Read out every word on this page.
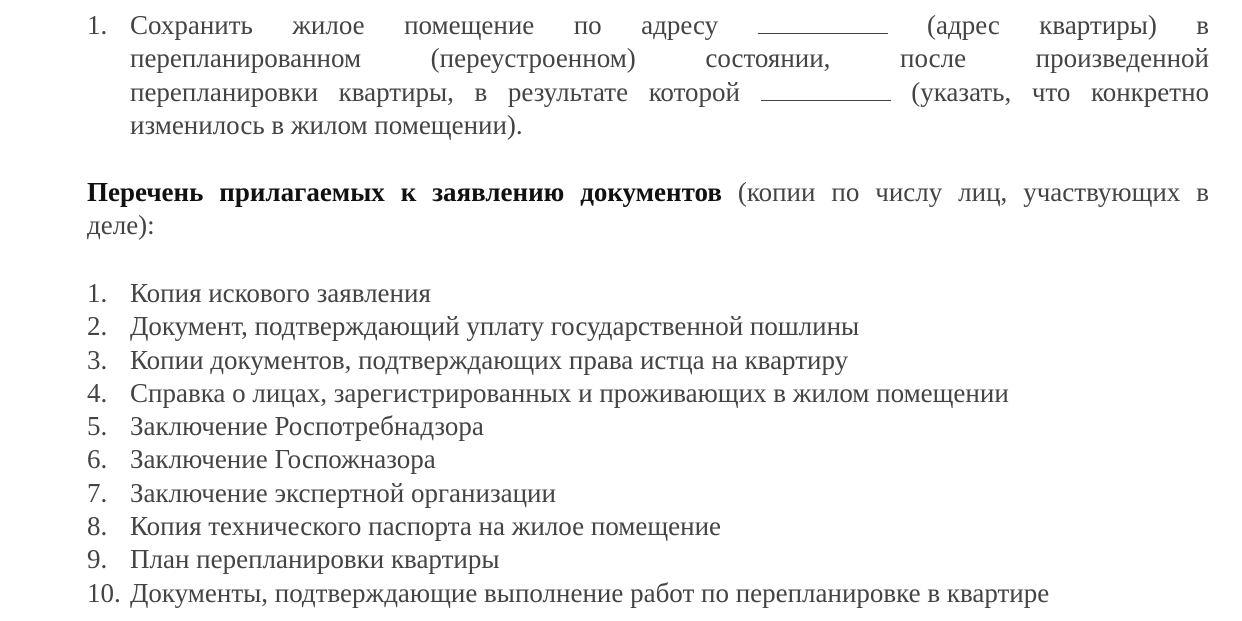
1. Сохранить жилое помещение по адресу	(адрес квартиры) в
перепланированном (переустроенном) состоянии, после произведенной
перепланировки квартиры, в результате которой	(указать, что конкретно
изменилось в жилом помещении).
Перечень прилагаемых к заявлению документов (копии по числу лиц, участвующих в
деле):
1. Копия искового заявления
2. Документ, подтверждающий уплату государственной пошлины
3. Копии документов, подтверждающих права истца на квартиру
4. Справка о лицах, зарегистрированных и проживающих в жилом помещении
5. Заключение Роспотребнадзора
6. Заключение Госпожназора
7. Заключение экспертной организации
8. Копия технического паспорта на жилое помещение
9. План перепланировки квартиры
10. Документы, подтверждающие выполнение работ по перепланировке в квартире
